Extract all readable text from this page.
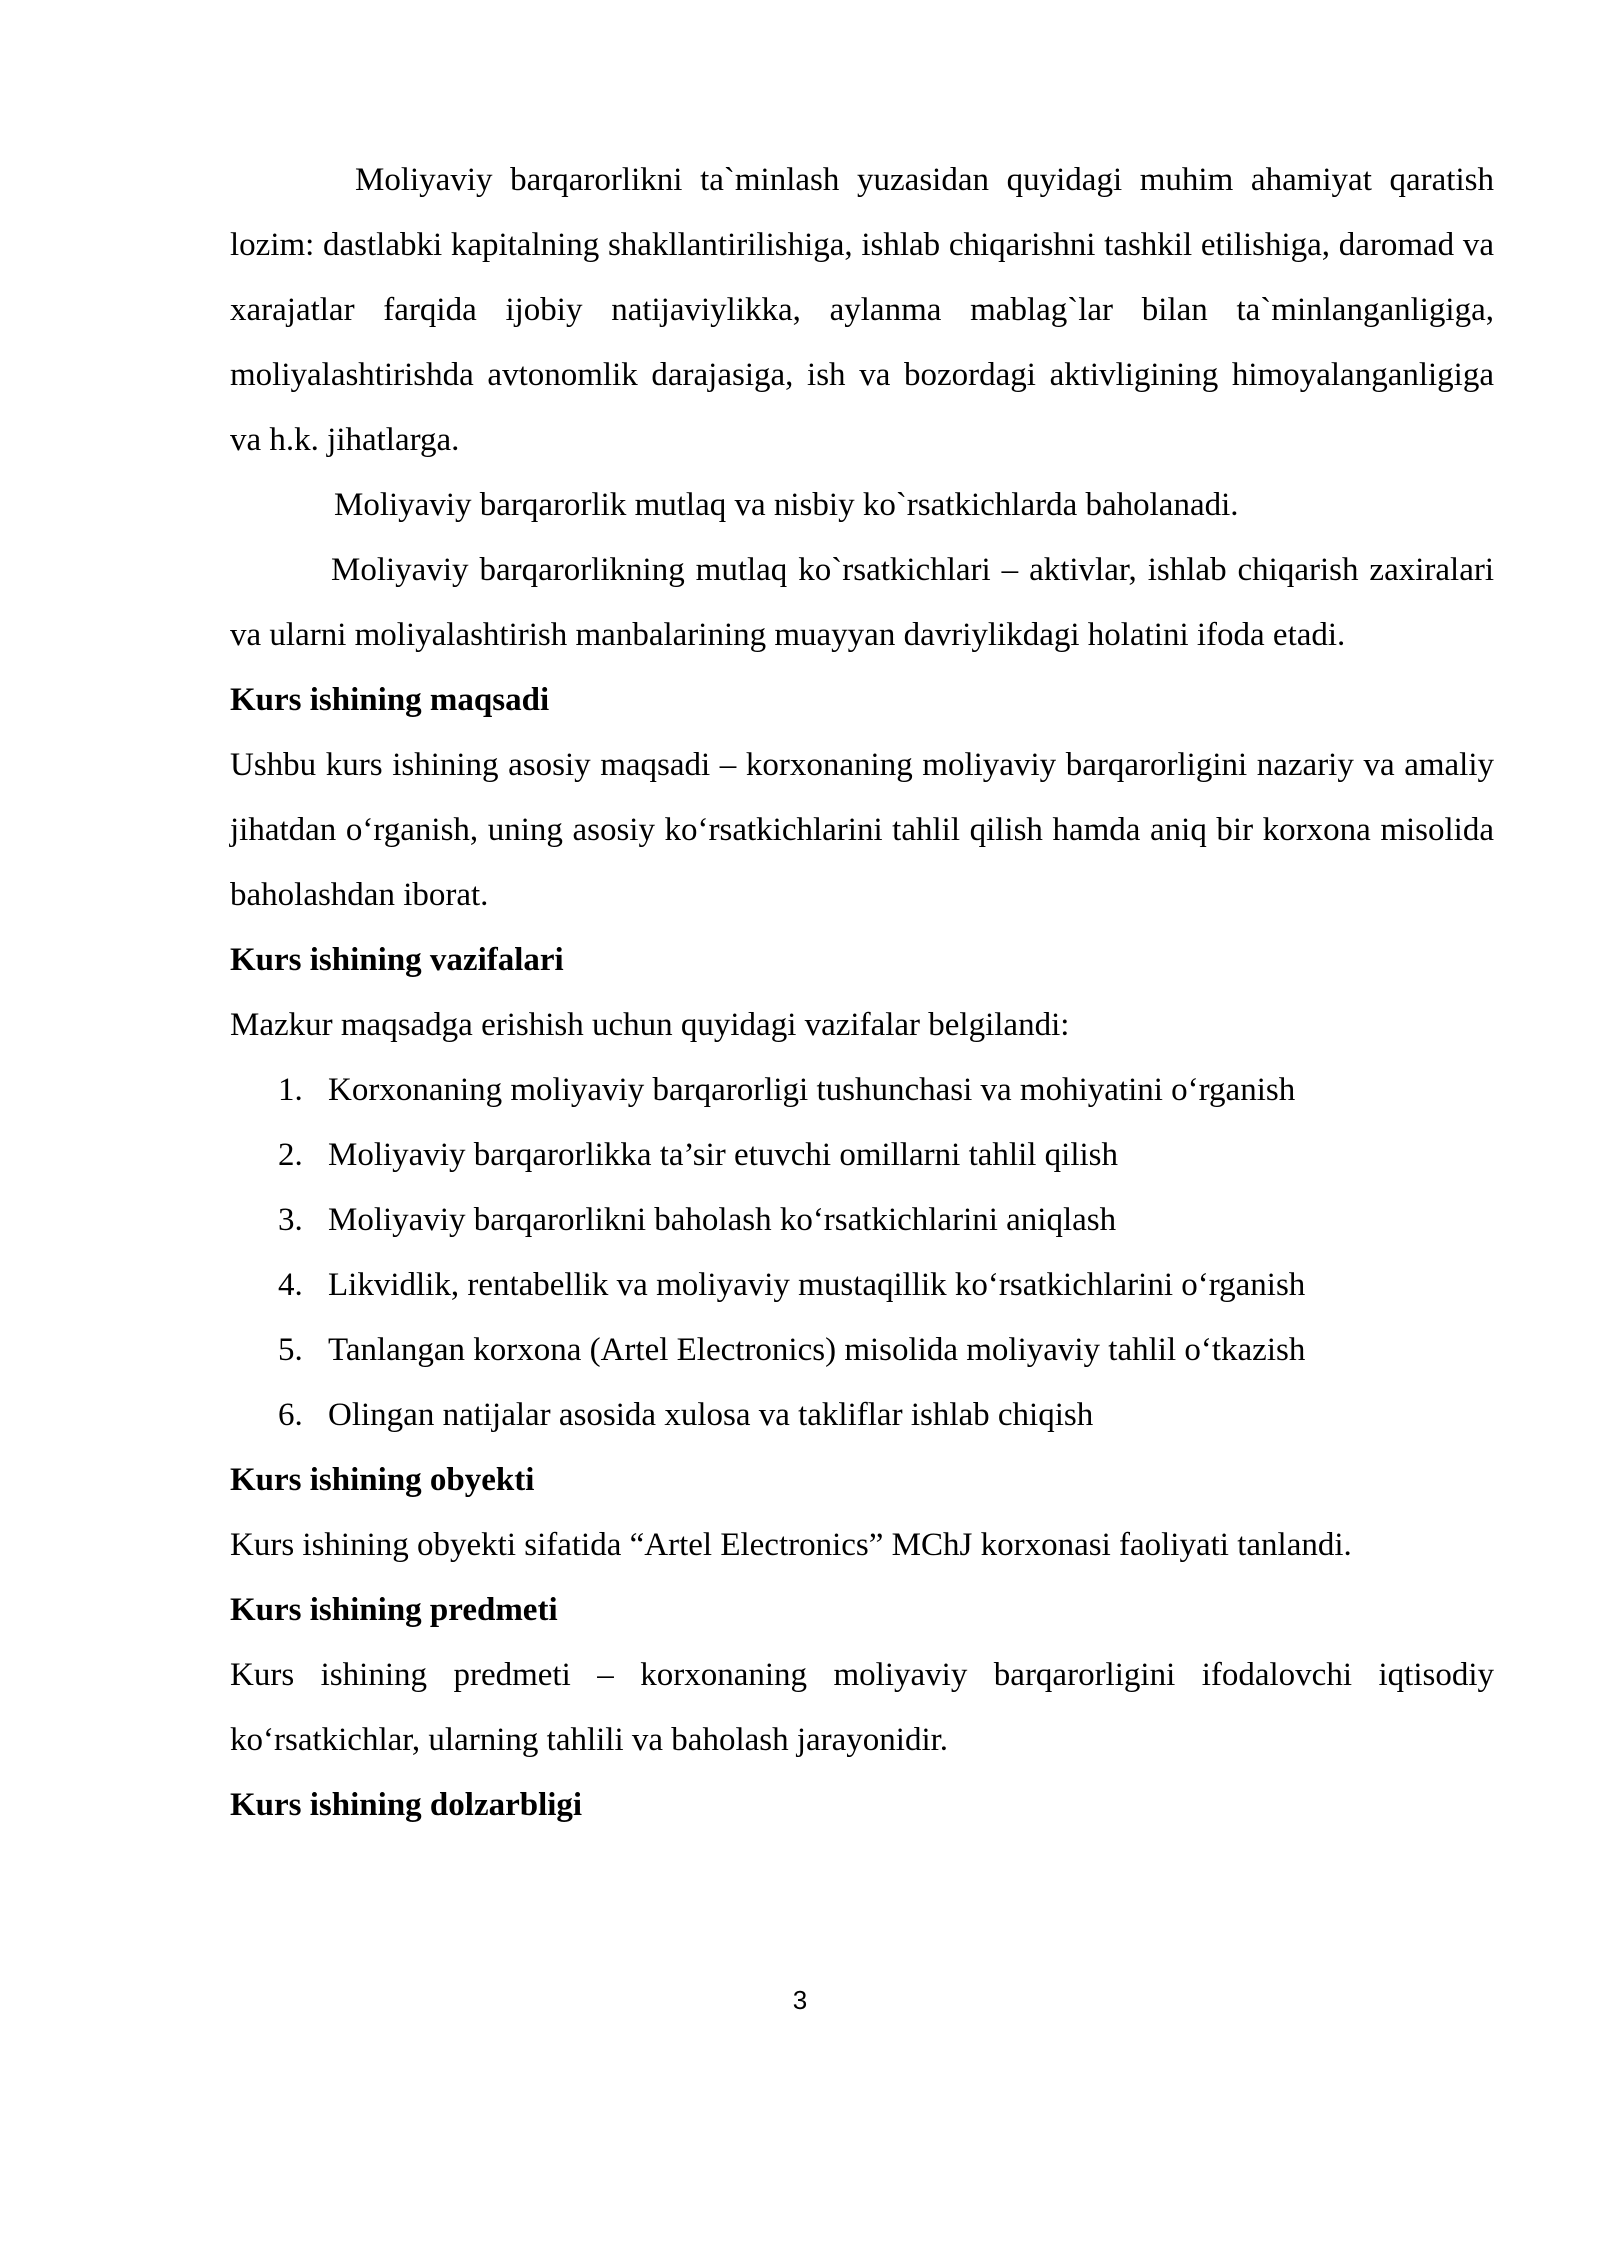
Moliyaviy barqarorlikni ta`minlash yuzasidan quyidagi muhim ahamiyat qaratish lozim: dastlabki kapitalning shakllantirilishiga, ishlab chiqarishni tashkil etilishiga, daromad va xarajatlar farqida ijobiy natijaviylikka, aylanma mablag`lar bilan ta`minlanganligiga, moliyalashtirishda avtonomlik darajasiga, ish va bozordagi aktivligining himoyalanganligiga va h.k. jihatlarga.

Moliyaviy barqarorlik mutlaq va nisbiy ko`rsatkichlarda baholanadi.

Moliyaviy barqarorlikning mutlaq ko`rsatkichlari – aktivlar, ishlab chiqarish zaxiralari va ularni moliyalashtirish manbalarining muayyan davriylikdagi holatini ifoda etadi.

Kurs ishining maqsadi

Ushbu kurs ishining asosiy maqsadi – korxonaning moliyaviy barqarorligini nazariy va amaliy jihatdan o‘rganish, uning asosiy ko‘rsatkichlarini tahlil qilish hamda aniq bir korxona misolida baholashdan iborat.

Kurs ishining vazifalari

Mazkur maqsadga erishish uchun quyidagi vazifalar belgilandi:

1. Korxonaning moliyaviy barqarorligi tushunchasi va mohiyatini o‘rganish
2. Moliyaviy barqarorlikka ta’sir etuvchi omillarni tahlil qilish
3. Moliyaviy barqarorlikni baholash ko‘rsatkichlarini aniqlash
4. Likvidlik, rentabellik va moliyaviy mustaqillik ko‘rsatkichlarini o‘rganish
5. Tanlangan korxona (Artel Electronics) misolida moliyaviy tahlil o‘tkazish
6. Olingan natijalar asosida xulosa va takliflar ishlab chiqish

Kurs ishining obyekti

Kurs ishining obyekti sifatida “Artel Electronics” MChJ korxonasi faoliyati tanlandi.

Kurs ishining predmeti

Kurs ishining predmeti – korxonaning moliyaviy barqarorligini ifodalovchi iqtisodiy ko‘rsatkichlar, ularning tahlili va baholash jarayonidir.

Kurs ishining dolzarbligi

3
